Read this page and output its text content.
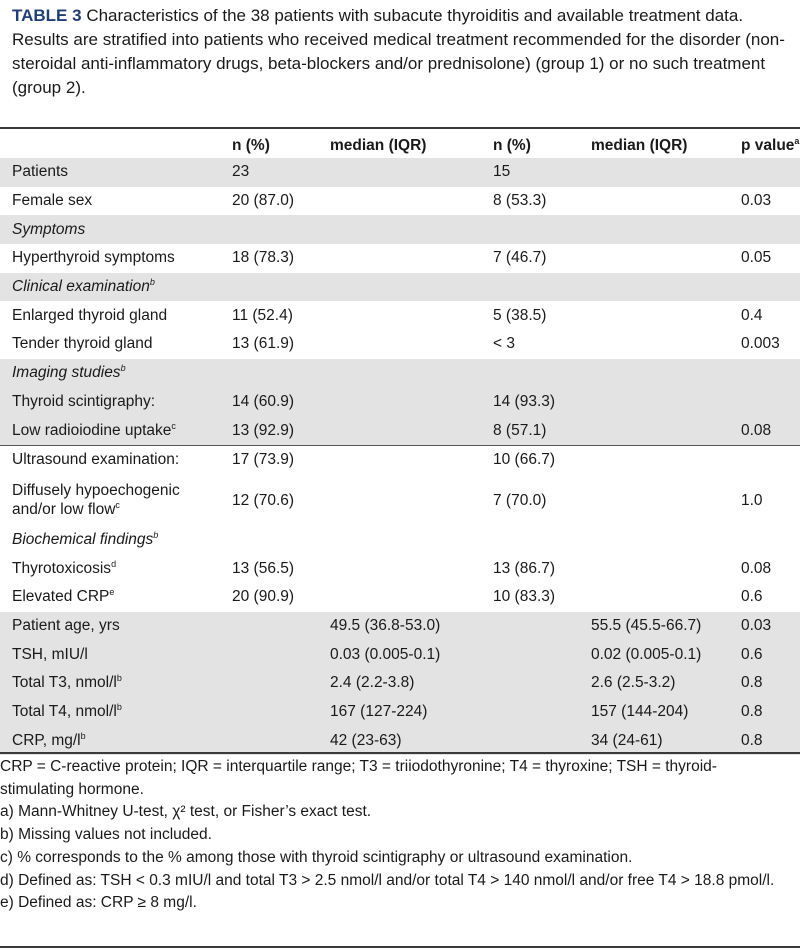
TABLE 3 Characteristics of the 38 patients with subacute thyroiditis and available treatment data. Results are stratified into patients who received medical treatment recommended for the disorder (non-steroidal anti-inflammatory drugs, beta-blockers and/or prednisolone) (group 1) or no such treatment (group 2).
	n (%)	median (IQR)	n (%)	median (IQR)	p value$^a$
Patients	23		15		
Female sex	20 (87.0)		8 (53.3)		0.03
Symptoms					
Hyperthyroid symptoms	18 (78.3)		7 (46.7)		0.05
Clinical examination$^b$					
Enlarged thyroid gland	11 (52.4)		5 (38.5)		0.4
Tender thyroid gland	13 (61.9)		< 3		0.003
Imaging studies$^b$					
Thyroid scintigraphy:	14 (60.9)		14 (93.3)		
Low radioiodine uptake$^c$	13 (92.9)		8 (57.1)		0.08
Ultrasound examination:	17 (73.9)		10 (66.7)		
Diffusely hypoechogenic
and/or low flow$^c$	12 (70.6)		7 (70.0)		1.0
Biochemical findings$^b$					
Thyrotoxicosis$^d$	13 (56.5)		13 (86.7)		0.08
Elevated CRP$^e$	20 (90.9)		10 (83.3)		0.6
Patient age, yrs		49.5 (36.8-53.0)		55.5 (45.5-66.7)	0.03
TSH, mIU/l		0.03 (0.005-0.1)		0.02 (0.005-0.1)	0.6
Total T3, nmol/$l^b$		2.4 (2.2-3.8)		2.6 (2.5-3.2)	0.8
Total T4, nmol/$l^b$		167 (127-224)		157 (144-204)	0.8
CRP, $mg/l^b$		42 (23-63)		34 (24-61)	0.8
CRP = C-reactive protein; IQR = interquartile range; T3 = triiodothyronine; T4 = thyroxine; TSH = thyroid-stimulating hormone.
a) Mann-Whitney U-test, χ² test, or Fisher’s exact test.
b) Missing values not included.
c) % corresponds to the % among those with thyroid scintigraphy or ultrasound examination.
d) Defined as: TSH < 0.3 mIU/l and total T3 > 2.5 nmol/l and/or total T4 > 140 nmol/l and/or free T4 > 18.8 pmol/l.
e) Defined as: CRP ≥ 8 mg/l.
